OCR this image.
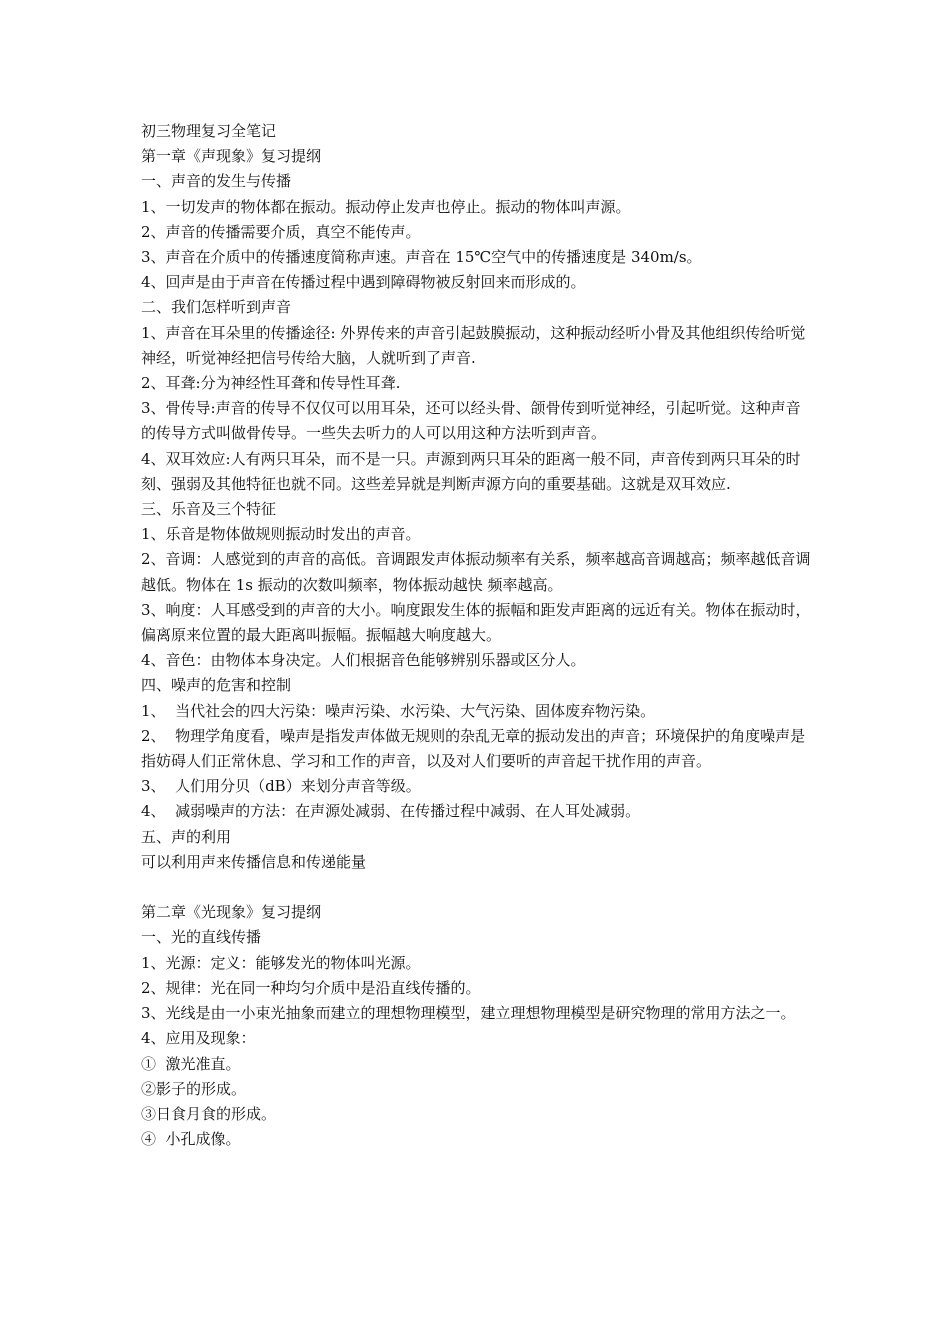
初三物理复习全笔记

第一章《声现象》复习提纲

一、声音的发生与传播

1、一切发声的物体都在振动。振动停止发声也停止。振动的物体叫声源。

2、声音的传播需要介质，真空不能传声。

3、声音在介质中的传播速度简称声速。声音在 15℃空气中的传播速度是 340m/s。

4、回声是由于声音在传播过程中遇到障碍物被反射回来而形成的。

二、我们怎样听到声音

1、声音在耳朵里的传播途径: 外界传来的声音引起鼓膜振动，这种振动经听小骨及其他组织传给听觉神经，听觉神经把信号传给大脑，人就听到了声音.

2、耳聋:分为神经性耳聋和传导性耳聋.

3、骨传导:声音的传导不仅仅可以用耳朵，还可以经头骨、颌骨传到听觉神经，引起听觉。这种声音的传导方式叫做骨传导。一些失去听力的人可以用这种方法听到声音。

4、双耳效应:人有两只耳朵，而不是一只。声源到两只耳朵的距离一般不同，声音传到两只耳朵的时刻、强弱及其他特征也就不同。这些差异就是判断声源方向的重要基础。这就是双耳效应.

三、乐音及三个特征

1、乐音是物体做规则振动时发出的声音。

2、音调：人感觉到的声音的高低。音调跟发声体振动频率有关系，频率越高音调越高；频率越低音调越低。物体在 1s 振动的次数叫频率，物体振动越快 频率越高。

3、响度：人耳感受到的声音的大小。响度跟发生体的振幅和距发声距离的远近有关。物体在振动时，偏离原来位置的最大距离叫振幅。振幅越大响度越大。

4、音色：由物体本身决定。人们根据音色能够辨别乐器或区分人。

四、噪声的危害和控制

1、  当代社会的四大污染：噪声污染、水污染、大气污染、固体废弃物污染。

2、  物理学角度看，噪声是指发声体做无规则的杂乱无章的振动发出的声音；环境保护的角度噪声是指妨碍人们正常休息、学习和工作的声音，以及对人们要听的声音起干扰作用的声音。

3、  人们用分贝（dB）来划分声音等级。

4、  减弱噪声的方法：在声源处减弱、在传播过程中减弱、在人耳处减弱。

五、声的利用

可以利用声来传播信息和传递能量

第二章《光现象》复习提纲

一、光的直线传播

1、光源：定义：能够发光的物体叫光源。

2、规律：光在同一种均匀介质中是沿直线传播的。

3、光线是由一小束光抽象而建立的理想物理模型，建立理想物理模型是研究物理的常用方法之一。

4、应用及现象：

①  激光准直。

②影子的形成。

③日食月食的形成。

④  小孔成像。
